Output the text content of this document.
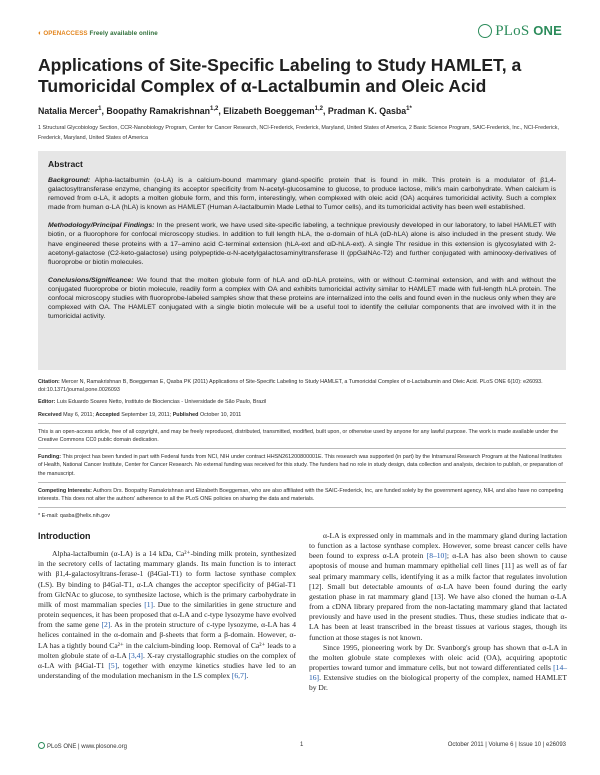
◐OPENACCESS Freely available online	PLoS ONE
Applications of Site-Specific Labeling to Study HAMLET, a Tumoricidal Complex of α-Lactalbumin and Oleic Acid
Natalia Mercer$^1$, Boopathy Ramakrishnan$^{1,2}$, Elizabeth Boeggeman$^{1,2}$, Pradman K. Qasba$^{1*}$
1 Structural Glycobiology Section, CCR-Nanobiology Program, Center for Cancer Research, NCI-Frederick, Frederick, Maryland, United States of America, 2 Basic Science Program, SAIC-Frederick, Inc., NCI-Frederick, Frederick, Maryland, United States of America
Abstract

Background: Alpha-lactalbumin (α-LA) is a calcium-bound mammary gland-specific protein that is found in milk. This protein is a modulator of β1,4-galactosyltransferase enzyme, changing its acceptor specificity from N-acetyl-glucosamine to glucose, to produce lactose, milk's main carbohydrate. When calcium is removed from α-LA, it adopts a molten globule form, and this form, interestingly, when complexed with oleic acid (OA) acquires tumoricidal activity. Such a complex made from human α-LA (hLA) is known as HAMLET (Human A-lactalbumin Made Lethal to Tumor cells), and its tumoricidal activity has been well established.

Methodology/Principal Findings: In the present work, we have used site-specific labeling, a technique previously developed in our laboratory, to label HAMLET with biotin, or a fluorophore for confocal microscopy studies. In addition to full length hLA, the α-domain of hLA (αD-hLA) alone is also included in the present study. We have engineered these proteins with a 17–amino acid C-terminal extension (hLA-ext and αD-hLA-ext). A single Thr residue in this extension is glycosylated with 2-acetonyl-galactose (C2-keto-galactose) using polypeptide-α-N-acetylgalactosaminyltransferase II (ppGalNAc-T2) and further conjugated with aminooxy-derivatives of fluoroprobe or biotin molecules.

Conclusions/Significance: We found that the molten globule form of hLA and αD-hLA proteins, with or without C-terminal extension, and with and without the conjugated fluoroprobe or biotin molecule, readily form a complex with OA and exhibits tumoricidal activity similar to HAMLET made with full-length hLA protein. The confocal microscopy studies with fluoroprobe-labeled samples show that these proteins are internalized into the cells and found even in the nucleus only when they are complexed with OA. The HAMLET conjugated with a single biotin molecule will be a useful tool to identify the cellular components that are involved with it in the tumoricidal activity.

Citation: Mercer N, Ramakrishnan B, Boeggeman E, Qasba PK (2011) Applications of Site-Specific Labeling to Study HAMLET, a Tumoricidal Complex of α-Lactalbumin and Oleic Acid. PLoS ONE 6(10): e26093. doi:10.1371/journal.pone.0026093

Editor: Luis Eduardo Soares Netto, Instituto de Biociencias - Universidade de São Paulo, Brazil

Received May 6, 2011; Accepted September 19, 2011; Published October 10, 2011

This is an open-access article, free of all copyright, and may be freely reproduced, distributed, transmitted, modified, built upon, or otherwise used by anyone for any lawful purpose. The work is made available under the Creative Commons CC0 public domain dedication.

Funding: This project has been funded in part with Federal funds from NCI, NIH under contract HHSN261200800001E. This research was supported (in part) by the Intramural Research Program at the National Institutes of Health, National Cancer Institute, Center for Cancer Research. No external funding was received for this study. The funders had no role in study design, data collection and analysis, decision to publish, or preparation of the manuscript.

Competing Interests: Authors Drs. Boopathy Ramakrishnan and Elizabeth Boeggeman, who are also affiliated with the SAIC-Frederick, Inc, are funded solely by the government agency, NIH, and also have no competing interests. This does not alter the authors' adherence to all the PLoS ONE policies on sharing the data and materials.

* E-mail: qasba@helix.nih.gov

Introduction

Alpha-lactalbumin (α-LA) is a 14 kDa, Ca²⁺-binding milk protein, synthesized in the secretory cells of lactating mammary glands. Its main function is to interact with β1,4-galactosyltrans-ferase-1 (β4Gal-T1) to form lactose synthase complex (LS). By binding to β4Gal-T1, α-LA changes the acceptor specificity of β4Gal-T1 from GlcNAc to glucose, to synthesize lactose, which is the primary carbohydrate in milk of most mammalian species [1]. Due to the similarities in gene structure and protein sequences, it has been proposed that α-LA and c-type lysozyme have evolved from the same gene [2]. As in the protein structure of c-type lysozyme, α-LA has 4 helices contained in the α-domain and β-sheets that form a β-domain. However, α-LA has a tightly bound Ca²⁺ in the calcium-binding loop. Removal of Ca²⁺ leads to a molten globule state of α-LA [3,4]. X-ray crystallographic studies on the complex of α-LA with β4Gal-T1 [5], together with enzyme kinetics studies have led to an understanding of the modulation mechanism in the LS complex [6,7].

α-LA is expressed only in mammals and in the mammary gland during lactation to function as a lactose synthase complex. However, some breast cancer cells have been found to express α-LA protein [8–10]; α-LA has also been shown to cause apoptosis of mouse and human mammary epithelial cell lines [11] as well as of far seal primary mammary cells, identifying it as a milk factor that regulates involution [12]. Small but detectable amounts of α-LA have been found during the early gestation phase in rat mammary gland [13]. We have also cloned the human α-LA from a cDNA library prepared from the non-lactating mammary gland that lactated previously and have used in the present studies. Thus, these studies indicate that α-LA has been at least transcribed in the breast tissues at various stages, though its function at those stages is not known.

Since 1995, pioneering work by Dr. Svanborg's group has shown that α-LA in the molten globule state complexes with oleic acid (OA), acquiring apoptotic properties toward tumor and immature cells, but not toward differentiated cells [14–16]. Extensive studies on the biological property of the complex, named HAMLET by Dr.

PLoS ONE | www.plosone.org	1	October 2011 | Volume 6 | Issue 10 | e26093
